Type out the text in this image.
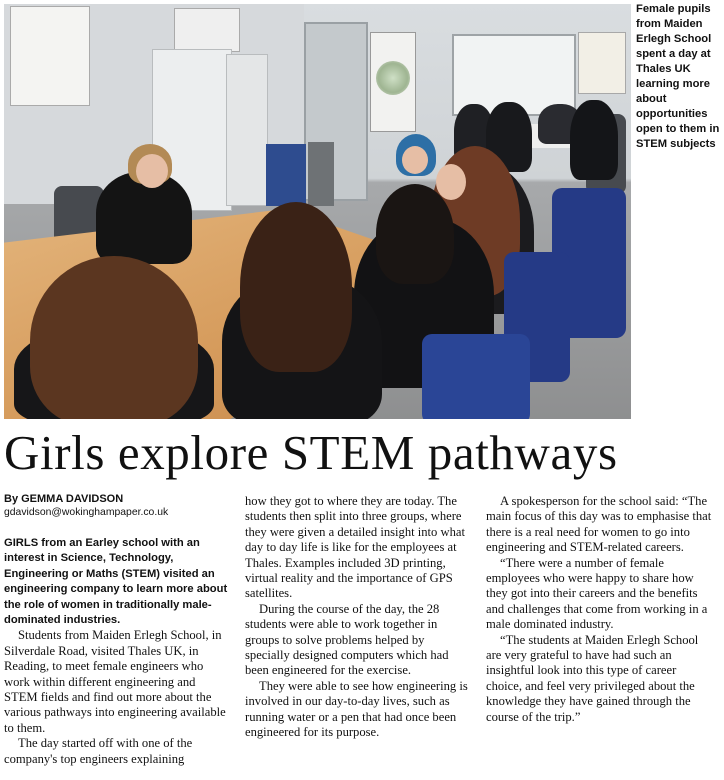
Female pupils from Maiden Erlegh School spent a day at Thales UK learning more about opportunities open to them in STEM subjects
Girls explore STEM pathways
By GEMMA DAVIDSON
gdavidson@wokinghampaper.co.uk

GIRLS from an Earley school with an interest in Science, Technology, Engineering or Maths (STEM) visited an engineering company to learn more about the role of women in traditionally male-dominated industries.

Students from Maiden Erlegh School, in Silverdale Road, visited Thales UK, in Reading, to meet female engineers who work within different engineering and STEM fields and find out more about the various pathways into engineering available to them.

The day started off with one of the company's top engineers explaining

how they got to where they are today. The students then split into three groups, where they were given a detailed insight into what day to day life is like for the employees at Thales. Examples included 3D printing, virtual reality and the importance of GPS satellites.

During the course of the day, the 28 students were able to work together in groups to solve problems helped by specially designed computers which had been engineered for the exercise.

They were able to see how engineering is involved in our day-to-day lives, such as running water or a pen that had once been engineered for its purpose.

A spokesperson for the school said: “The main focus of this day was to emphasise that there is a real need for women to go into engineering and STEM-related careers.

“There were a number of female employees who were happy to share how they got into their careers and the benefits and challenges that come from working in a male dominated industry.

“The students at Maiden Erlegh School are very grateful to have had such an insightful look into this type of career choice, and feel very privileged about the knowledge they have gained through the course of the trip.”
